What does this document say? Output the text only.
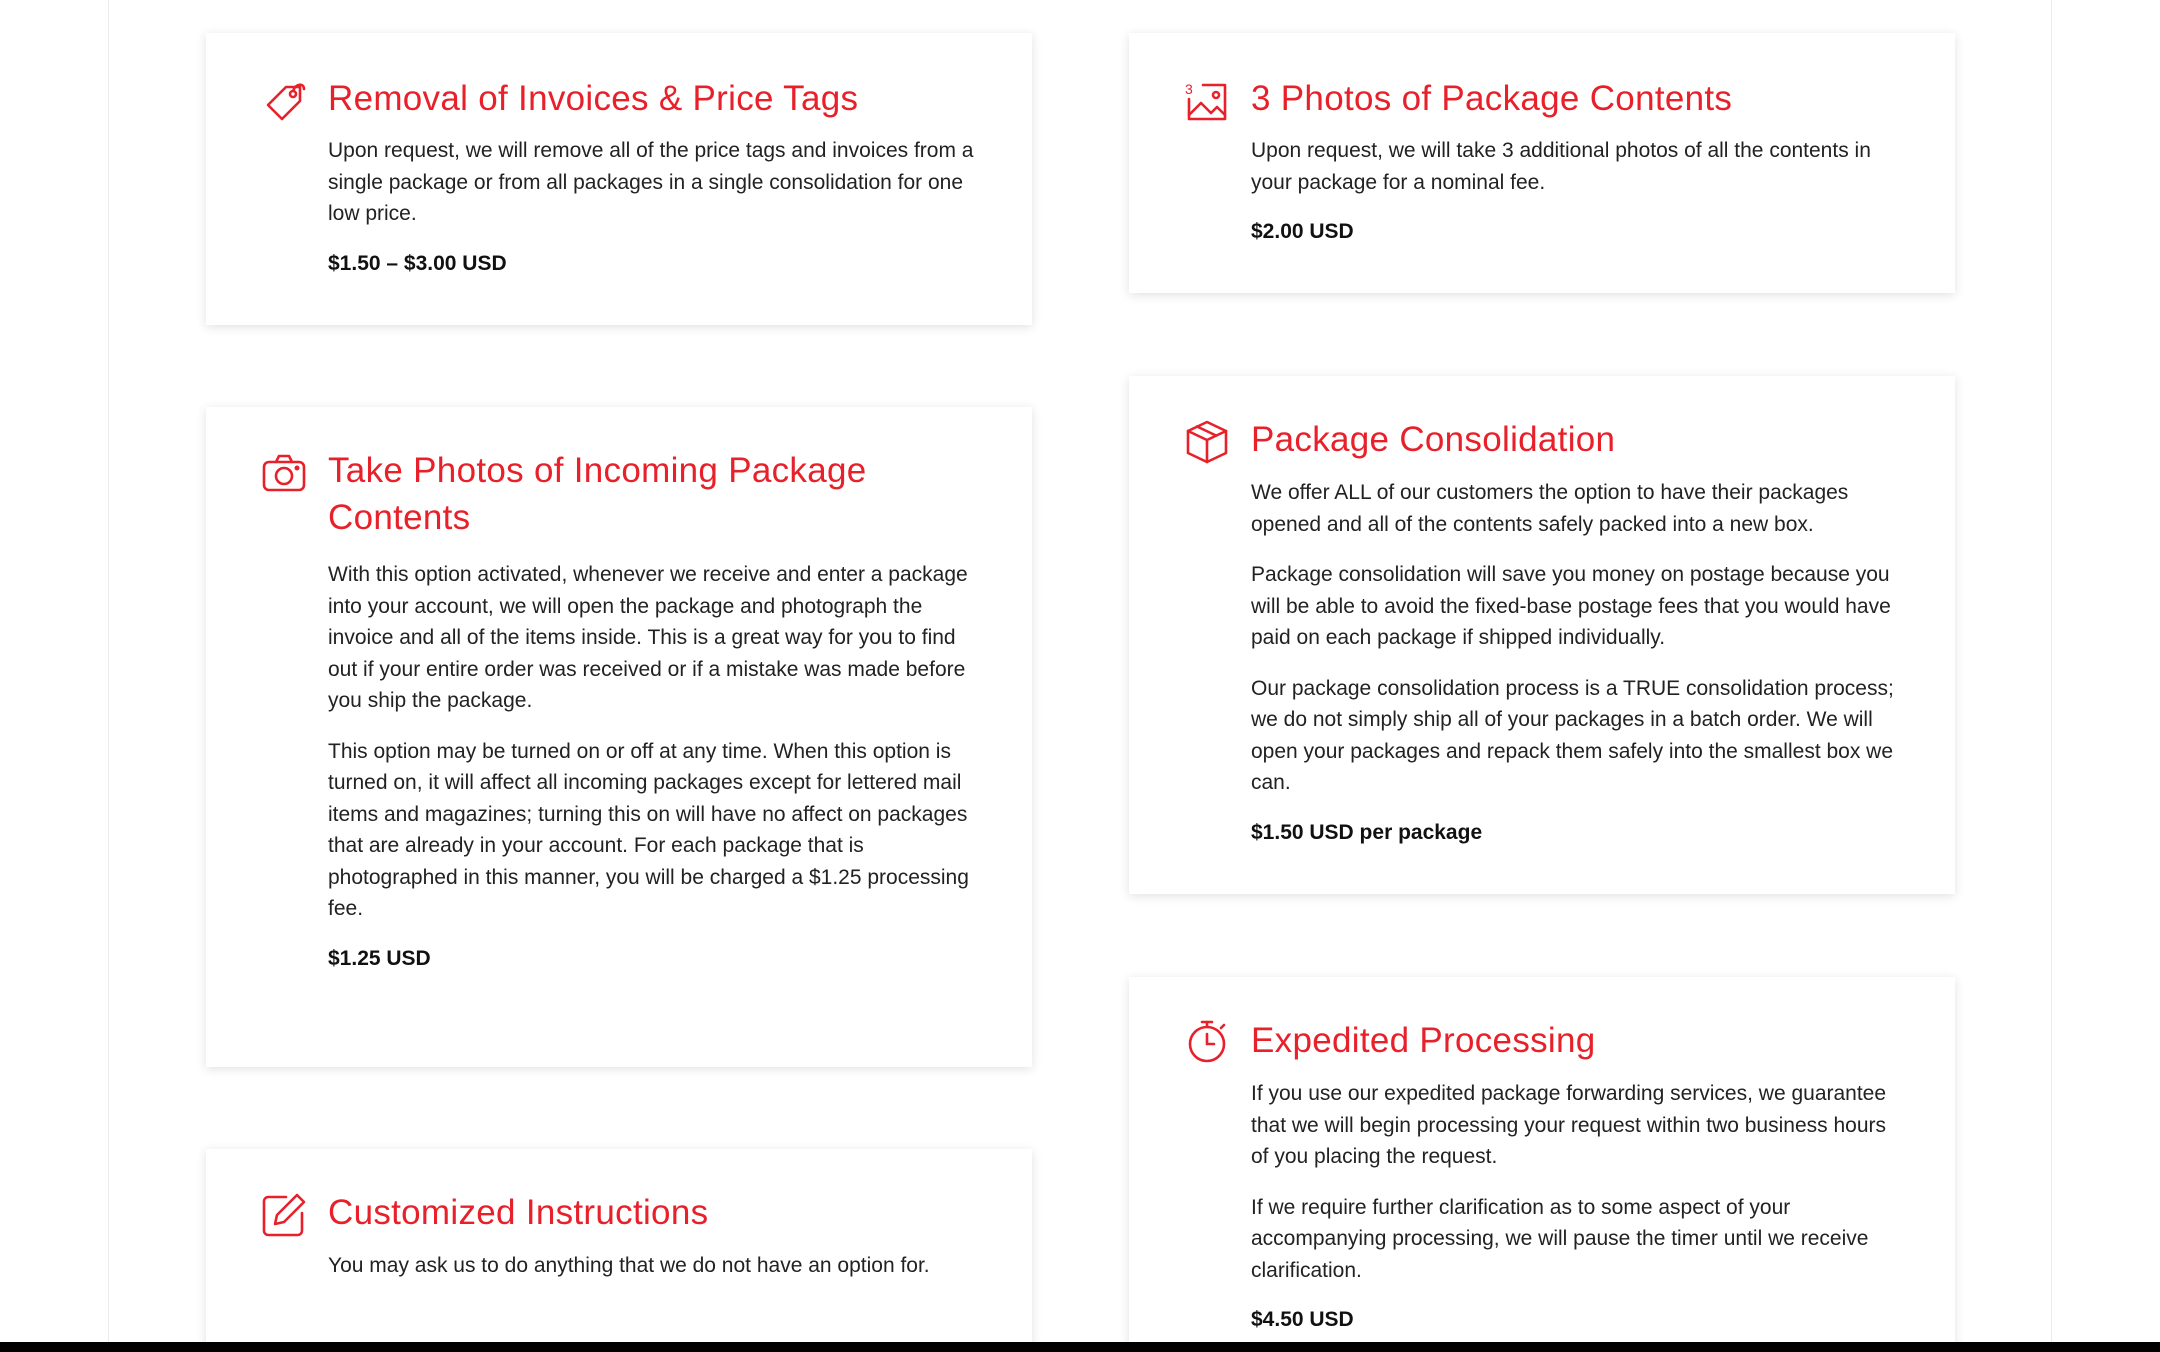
Removal of Invoices & Price Tags

Upon request, we will remove all of the price tags and invoices from a single package or from all packages in a single consolidation for one low price.

$1.50 – $3.00 USD
3 3 Photos of Package Contents

Upon request, we will take 3 additional photos of all the contents in your package for a nominal fee.

$2.00 USD
Take Photos of Incoming Package Contents

With this option activated, whenever we receive and enter a package into your account, we will open the package and photograph the invoice and all of the items inside. This is a great way for you to find out if your entire order was received or if a mistake was made before you ship the package.

This option may be turned on or off at any time. When this option is turned on, it will affect all incoming packages except for lettered mail items and magazines; turning this on will have no affect on packages that are already in your account. For each package that is photographed in this manner, you will be charged a $1.25 processing fee.

$1.25 USD
Package Consolidation

We offer ALL of our customers the option to have their packages opened and all of the contents safely packed into a new box.

Package consolidation will save you money on postage because you will be able to avoid the fixed-base postage fees that you would have paid on each package if shipped individually.

Our package consolidation process is a TRUE consolidation process; we do not simply ship all of your packages in a batch order. We will open your packages and repack them safely into the smallest box we can.

$1.50 USD per package
Customized Instructions

You may ask us to do anything that we do not have an option for.

Expedited Processing

If you use our expedited package forwarding services, we guarantee that we will begin processing your request within two business hours of you placing the request.

If we require further clarification as to some aspect of your accompanying processing, we will pause the timer until we receive clarification.

$4.50 USD
